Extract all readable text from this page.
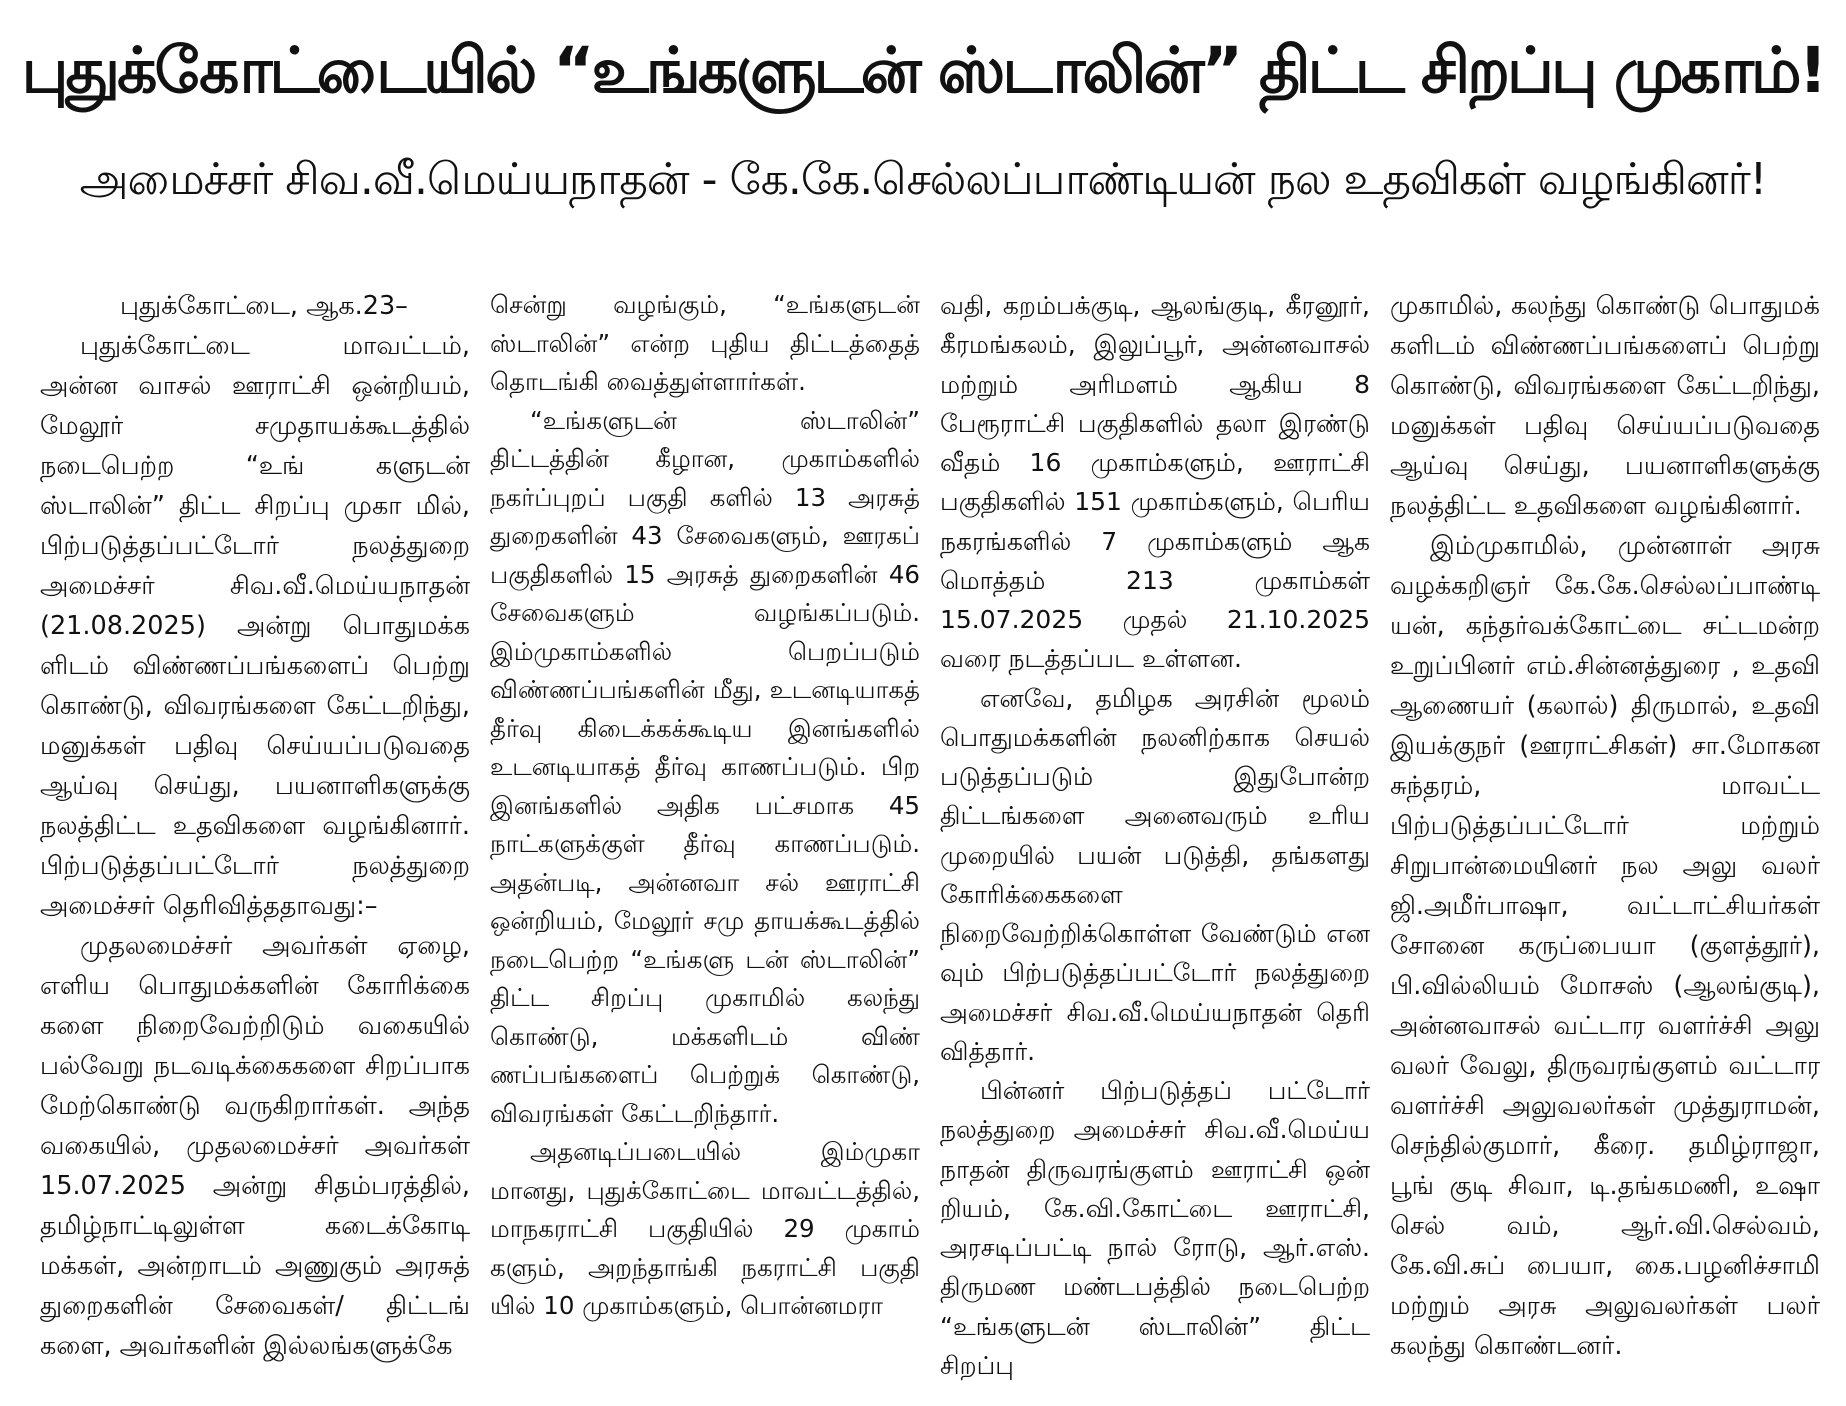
புதுக்கோட்டையில் “உங்களுடன் ஸ்டாலின்” திட்ட சிறப்பு முகாம்!
அமைச்சர் சிவ.வீ.மெய்யநாதன் - கே.கே.செல்லப்பாண்டியன் நல உதவிகள் வழங்கினர்!

புதுக்கோட்டை, ஆக.23–

புதுக்கோட்டை மாவட்டம், அன்ன வாசல் ஊராட்சி ஒன்றியம், மேலூர் சமுதாயக்கூடத்தில் நடைபெற்ற “உங் களுடன் ஸ்டாலின்” திட்ட சிறப்பு முகா மில், பிற்படுத்தப்பட்டோர் நலத்துறை அமைச்சர் சிவ.வீ.மெய்யநாதன் (21.08.2025) அன்று பொதுமக்க ளிடம் விண்ணப்பங்களைப் பெற்று கொண்டு, விவரங்களை கேட்டறிந்து, மனுக்கள் பதிவு செய்யப்படுவதை ஆய்வு செய்து, பயனாளிகளுக்கு நலத்திட்ட உதவிகளை வழங்கினார். பிற்படுத்தப்பட்டோர் நலத்துறை அமைச்சர் தெரிவித்ததாவது:–

முதலமைச்சர் அவர்கள் ஏழை, எளிய பொதுமக்களின் கோரிக்கை களை நிறைவேற்றிடும் வகையில் பல்வேறு நடவடிக்கைகளை சிறப்பாக மேற்கொண்டு வருகிறார்கள். அந்த வகையில், முதலமைச்சர் அவர்கள் 15.07.2025 அன்று சிதம்பரத்தில், தமிழ்நாட்டிலுள்ள கடைக்கோடி மக்கள், அன்றாடம் அணுகும் அரசுத் துறைகளின் சேவைகள்/ திட்டங் களை, அவர்களின் இல்லங்களுக்கே

சென்று வழங்கும், “உங்களுடன் ஸ்டாலின்” என்ற புதிய திட்டத்தைத் தொடங்கி வைத்துள்ளார்கள்.

“உங்களுடன் ஸ்டாலின்” திட்டத்தின் கீழான, முகாம்களில் நகர்ப்புறப் பகுதி களில் 13 அரசுத் துறைகளின் 43 சேவைகளும், ஊரகப் பகுதிகளில் 15 அரசுத் துறைகளின் 46 சேவைகளும் வழங்கப்படும். இம்முகாம்களில் பெறப்படும் விண்ணப்பங்களின் மீது, உடனடியாகத் தீர்வு கிடைக்கக்கூடிய இனங்களில் உடனடியாகத் தீர்வு காணப்படும். பிற இனங்களில் அதிக பட்சமாக 45 நாட்களுக்குள் தீர்வு காணப்படும். அதன்படி, அன்னவா சல் ஊராட்சி ஒன்றியம், மேலூர் சமு தாயக்கூடத்தில் நடைபெற்ற “உங்களு டன் ஸ்டாலின்” திட்ட சிறப்பு முகாமில் கலந்து கொண்டு, மக்களிடம் விண் ணப்பங்களைப் பெற்றுக் கொண்டு, விவரங்கள் கேட்டறிந்தார்.

அதனடிப்படையில் இம்முகா மானது, புதுக்கோட்டை மாவட்டத்தில், மாநகராட்சி பகுதியில் 29 முகாம் களும், அறந்தாங்கி நகராட்சி பகுதி யில் 10 முகாம்களும், பொன்னமரா

வதி, கறம்பக்குடி, ஆலங்குடி, கீரனூர், கீரமங்கலம், இலுப்பூர், அன்னவாசல் மற்றும் அரிமளம் ஆகிய 8 பேரூராட்சி பகுதிகளில் தலா இரண்டு வீதம் 16 முகாம்களும், ஊராட்சி பகுதிகளில் 151 முகாம்களும், பெரிய நகரங்களில் 7 முகாம்களும் ஆக மொத்தம் 213 முகாம்கள் 15.07.2025 முதல் 21.10.2025 வரை நடத்தப்பட உள்ளன.

எனவே, தமிழக அரசின் மூலம் பொதுமக்களின் நலனிற்காக செயல் படுத்தப்படும் இதுபோன்ற திட்டங்களை அனைவரும் உரிய முறையில் பயன் படுத்தி, தங்களது கோரிக்கைகளை நிறைவேற்றிக்கொள்ள வேண்டும் என வும் பிற்படுத்தப்பட்டோர் நலத்துறை அமைச்சர் சிவ.வீ.மெய்யநாதன் தெரி வித்தார்.

பின்னர் பிற்படுத்தப் பட்டோர் நலத்துறை அமைச்சர் சிவ.வீ.மெய்ய நாதன் திருவரங்குளம் ஊராட்சி ஒன் றியம், கே.வி.கோட்டை ஊராட்சி, அரசடிப்பட்டி நால் ரோடு, ஆர்.எஸ். திருமண மண்டபத்தில் நடைபெற்ற “உங்களுடன் ஸ்டாலின்” திட்ட சிறப்பு

முகாமில், கலந்து கொண்டு பொதுமக் களிடம் விண்ணப்பங்களைப் பெற்று கொண்டு, விவரங்களை கேட்டறிந்து, மனுக்கள் பதிவு செய்யப்படுவதை ஆய்வு செய்து, பயனாளிகளுக்கு நலத்திட்ட உதவிகளை வழங்கினார்.

இம்முகாமில், முன்னாள் அரசு வழக்கறிஞர் கே.கே.செல்லப்பாண்டி யன், கந்தர்வக்கோட்டை சட்டமன்ற உறுப்பினர் எம்.சின்னத்துரை , உதவி ஆணையர் (கலால்) திருமால், உதவி இயக்குநர் (ஊராட்சிகள்) சா.மோகன சுந்தரம், மாவட்ட பிற்படுத்தப்பட்டோர் மற்றும் சிறுபான்மையினர் நல அலு வலர் ஜி.அமீர்பாஷா, வட்டாட்சியர்கள் சோனை கருப்பையா (குளத்தூர்), பி.வில்லியம் மோசஸ் (ஆலங்குடி), அன்னவாசல் வட்டார வளர்ச்சி அலு வலர் வேலு, திருவரங்குளம் வட்டார வளர்ச்சி அலுவலர்கள் முத்துராமன், செந்தில்குமார், கீரை. தமிழ்ராஜா, பூங் குடி சிவா, டி.தங்கமணி, உஷா செல் வம், ஆர்.வி.செல்வம், கே.வி.சுப் பையா, கை.பழனிச்சாமி மற்றும் அரசு அலுவலர்கள் பலர் கலந்து கொண்டனர்.
